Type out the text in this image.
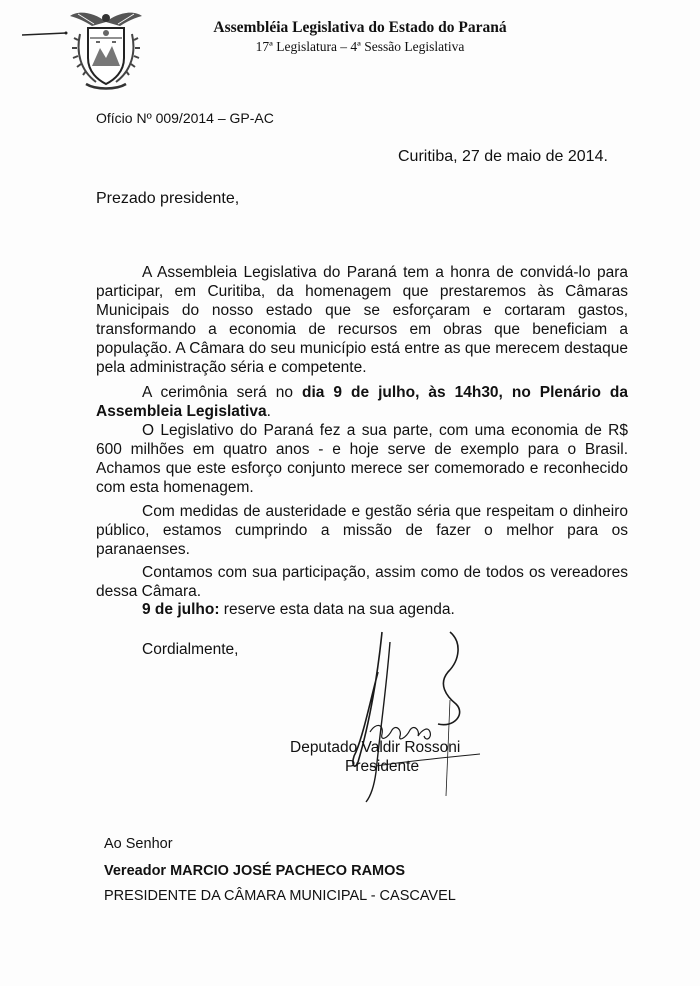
Assembléia Legislativa do Estado do Paraná
17ª Legislatura – 4ª Sessão Legislativa
Ofício Nº 009/2014 – GP-AC
Curitiba, 27 de maio de 2014.
Prezado presidente,
A Assembleia Legislativa do Paraná tem a honra de convidá-lo para participar, em Curitiba, da homenagem que prestaremos às Câmaras Municipais do nosso estado que se esforçaram e cortaram gastos, transformando a economia de recursos em obras que beneficiam a população. A Câmara do seu município está entre as que merecem destaque pela administração séria e competente.
A cerimônia será no dia 9 de julho, às 14h30, no Plenário da Assembleia Legislativa.
O Legislativo do Paraná fez a sua parte, com uma economia de R$ 600 milhões em quatro anos - e hoje serve de exemplo para o Brasil. Achamos que este esforço conjunto merece ser comemorado e reconhecido com esta homenagem.
Com medidas de austeridade e gestão séria que respeitam o dinheiro público, estamos cumprindo a missão de fazer o melhor para os paranaenses.
Contamos com sua participação, assim como de todos os vereadores dessa Câmara.
9 de julho: reserve esta data na sua agenda.
Cordialmente,
Deputado Valdir Rossoni
Presidente
Ao Senhor
Vereador MARCIO JOSÉ PACHECO RAMOS
PRESIDENTE DA CÂMARA MUNICIPAL - CASCAVEL
